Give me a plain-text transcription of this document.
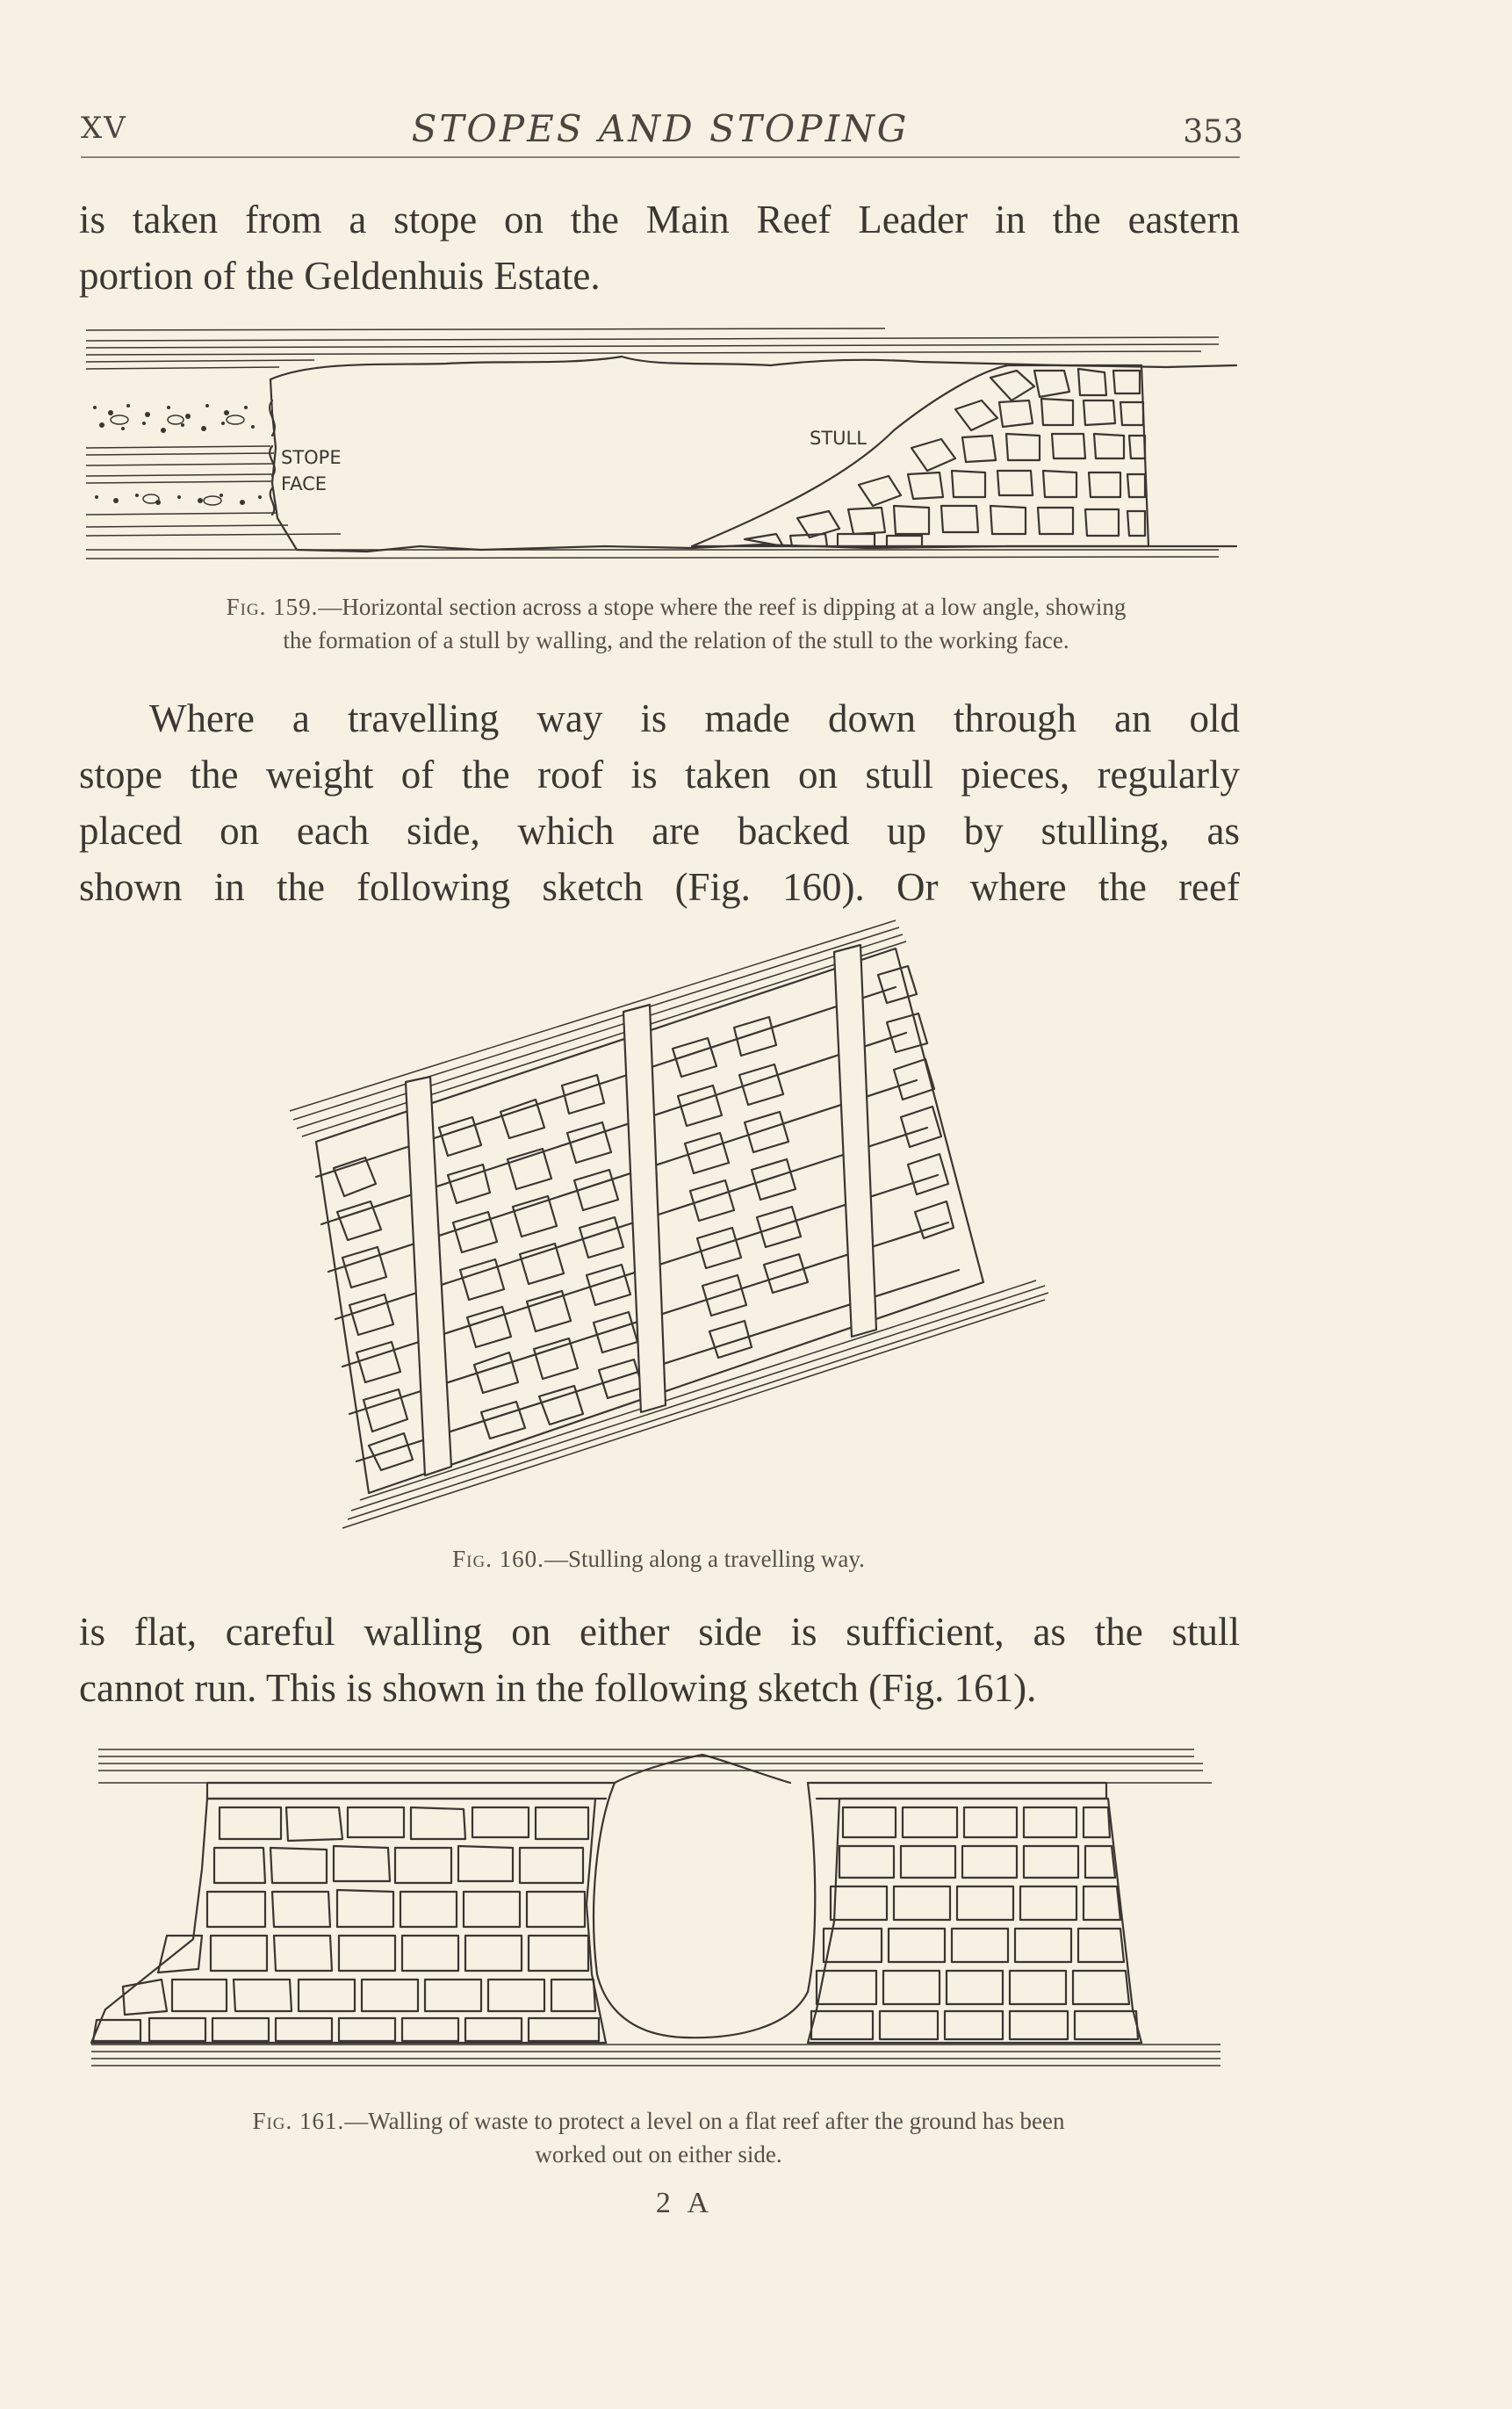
XV	STOPES AND STOPING	353
is taken from a stope on the Main Reef Leader in the eastern
portion of the Geldenhuis Estate.
STOPE
FACE
STULL
Fig. 159.—Horizontal section across a stope where the reef is dipping at a low angle, showing
the formation of a stull by walling, and the relation of the stull to the working face.
Where a travelling way is made down through an old
stope the weight of the roof is taken on stull pieces, regularly
placed on each side, which are backed up by stulling, as
shown in the following sketch (Fig. 160). Or where the reef
Fig. 160.—Stulling along a travelling way.
is flat, careful walling on either side is sufficient, as the stull
cannot run. This is shown in the following sketch (Fig. 161).
Fig. 161.—Walling of waste to protect a level on a flat reef after the ground has been
worked out on either side.
2 A
